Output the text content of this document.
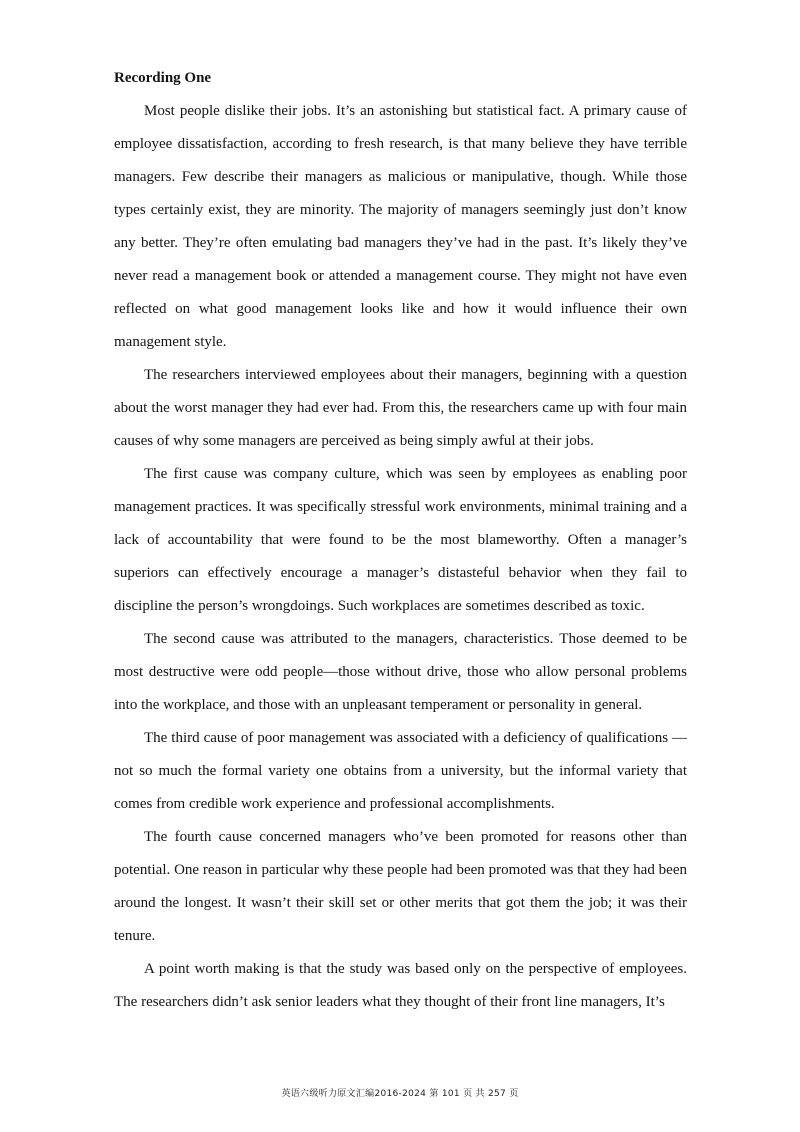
Recording One

Most people dislike their jobs. It’s an astonishing but statistical fact. A primary cause of employee dissatisfaction, according to fresh research, is that many believe they have terrible managers. Few describe their managers as malicious or manipulative, though. While those types certainly exist, they are minority. The majority of managers seemingly just don’t know any better. They’re often emulating bad managers they’ve had in the past. It’s likely they’ve never read a management book or attended a management course. They might not have even reflected on what good management looks like and how it would influence their own management style.

The researchers interviewed employees about their managers, beginning with a question about the worst manager they had ever had. From this, the researchers came up with four main causes of why some managers are perceived as being simply awful at their jobs.

The first cause was company culture, which was seen by employees as enabling poor management practices. It was specifically stressful work environments, minimal training and a lack of accountability that were found to be the most blameworthy. Often a manager’s superiors can effectively encourage a manager’s distasteful behavior when they fail to discipline the person’s wrongdoings. Such workplaces are sometimes described as toxic.

The second cause was attributed to the managers, characteristics. Those deemed to be most destructive were odd people—those without drive, those who allow personal problems into the workplace, and those with an unpleasant temperament or personality in general.

The third cause of poor management was associated with a deficiency of qualifications —not so much the formal variety one obtains from a university, but the informal variety that comes from credible work experience and professional accomplishments.

The fourth cause concerned managers who’ve been promoted for reasons other than potential. One reason in particular why these people had been promoted was that they had been around the longest. It wasn’t their skill set or other merits that got them the job; it was their tenure.

A point worth making is that the study was based only on the perspective of employees. The researchers didn’t ask senior leaders what they thought of their front line managers, It’s

英语六级听力原文汇编2016-2024 第 101 页 共 257 页
